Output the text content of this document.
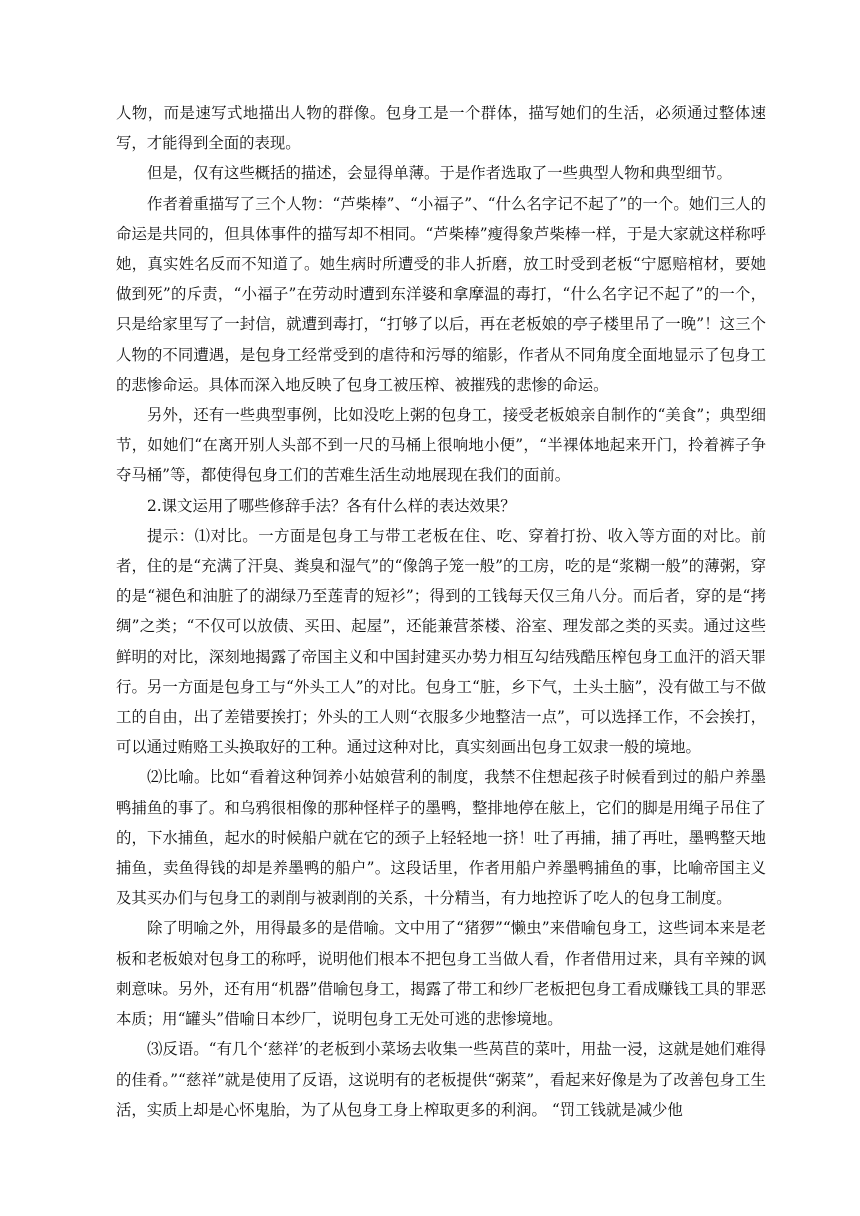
人物，而是速写式地描出人物的群像。包身工是一个群体，描写她们的生活，必须通过整体速写，才能得到全面的表现。

但是，仅有这些概括的描述，会显得单薄。于是作者选取了一些典型人物和典型细节。

作者着重描写了三个人物：“芦柴棒”、“小福子”、“什么名字记不起了”的一个。她们三人的命运是共同的，但具体事件的描写却不相同。“芦柴棒”瘦得象芦柴棒一样，于是大家就这样称呼她，真实姓名反而不知道了。她生病时所遭受的非人折磨，放工时受到老板“宁愿赔棺材，要她做到死”的斥责，“小福子”在劳动时遭到东洋婆和拿摩温的毒打，“什么名字记不起了”的一个，只是给家里写了一封信，就遭到毒打，“打够了以后，再在老板娘的亭子楼里吊了一晚”！这三个人物的不同遭遇，是包身工经常受到的虐待和污辱的缩影，作者从不同角度全面地显示了包身工的悲惨命运。具体而深入地反映了包身工被压榨、被摧残的悲惨的命运。

另外，还有一些典型事例，比如没吃上粥的包身工，接受老板娘亲自制作的“美食”；典型细节，如她们“在离开别人头部不到一尺的马桶上很响地小便”，“半裸体地起来开门，拎着裤子争夺马桶”等，都使得包身工们的苦难生活生动地展现在我们的面前。

2.课文运用了哪些修辞手法？各有什么样的表达效果？

提示：⑴对比。一方面是包身工与带工老板在住、吃、穿着打扮、收入等方面的对比。前者，住的是“充满了汗臭、粪臭和湿气”的“像鸽子笼一般”的工房，吃的是“浆糊一般”的薄粥，穿的是“褪色和油脏了的湖绿乃至莲青的短衫”；得到的工钱每天仅三角八分。而后者，穿的是“拷绸”之类；“不仅可以放债、买田、起屋”，还能兼营茶楼、浴室、理发部之类的买卖。通过这些鲜明的对比，深刻地揭露了帝国主义和中国封建买办势力相互勾结残酷压榨包身工血汗的滔天罪行。另一方面是包身工与“外头工人”的对比。包身工“脏，乡下气，土头土脑”，没有做工与不做工的自由，出了差错要挨打；外头的工人则“衣服多少地整洁一点”，可以选择工作，不会挨打，可以通过贿赂工头换取好的工种。通过这种对比，真实刻画出包身工奴隶一般的境地。

⑵比喻。比如“看着这种饲养小姑娘营利的制度，我禁不住想起孩子时候看到过的船户养墨鸭捕鱼的事了。和乌鸦很相像的那种怪样子的墨鸭，整排地停在舷上，它们的脚是用绳子吊住了的，下水捕鱼，起水的时候船户就在它的颈子上轻轻地一挤！吐了再捕，捕了再吐，墨鸭整天地捕鱼，卖鱼得钱的却是养墨鸭的船户”。这段话里，作者用船户养墨鸭捕鱼的事，比喻帝国主义及其买办们与包身工的剥削与被剥削的关系，十分精当，有力地控诉了吃人的包身工制度。

除了明喻之外，用得最多的是借喻。文中用了“猪猡”“懒虫”来借喻包身工，这些词本来是老板和老板娘对包身工的称呼，说明他们根本不把包身工当做人看，作者借用过来，具有辛辣的讽刺意味。另外，还有用“机器”借喻包身工，揭露了带工和纱厂老板把包身工看成赚钱工具的罪恶本质；用“罐头”借喻日本纱厂，说明包身工无处可逃的悲惨境地。

⑶反语。“有几个‘慈祥’的老板到小菜场去收集一些莴苣的菜叶，用盐一浸，这就是她们难得的佳肴。”“慈祥”就是使用了反语，这说明有的老板提供“粥菜”，看起来好像是为了改善包身工生活，实质上却是心怀鬼胎，为了从包身工身上榨取更多的利润。 “罚工钱就是减少他
